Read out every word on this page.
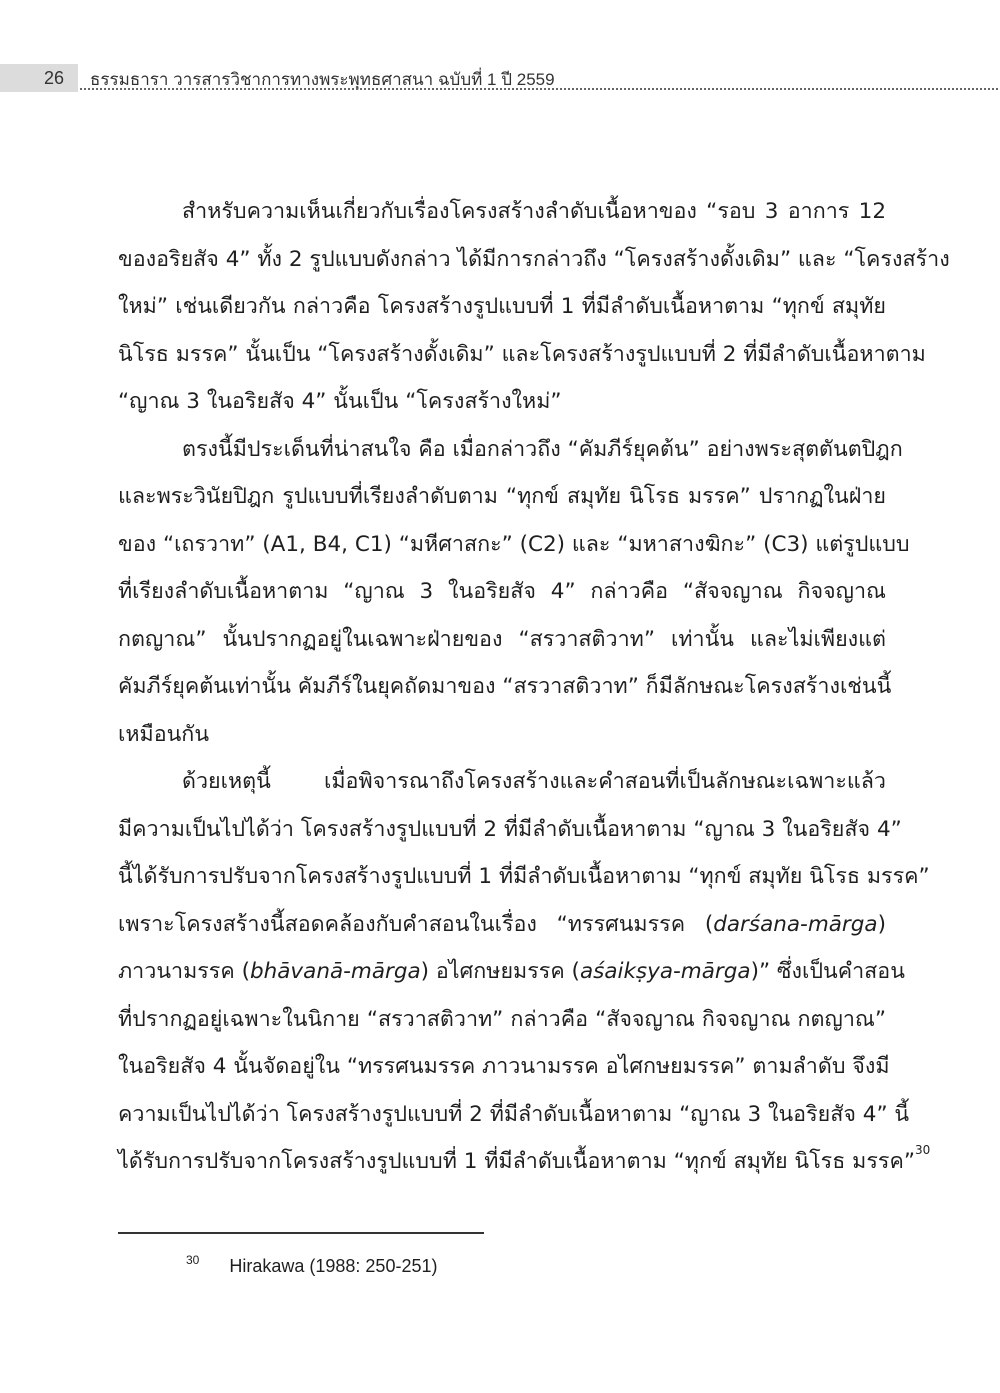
26 ธรรมธารา วารสารวิชาการทางพระพุทธศาสนา ฉบับที่ 1 ปี 2559
สำหรับความเห็นเกี่ยวกับเรื่องโครงสร้างลำดับเนื้อหาของ “รอบ 3 อาการ 12
ของอริยสัจ 4” ทั้ง 2 รูปแบบดังกล่าว ได้มีการกล่าวถึง “โครงสร้างดั้งเดิม” และ “โครงสร้าง
ใหม่” เช่นเดียวกัน กล่าวคือ โครงสร้างรูปแบบที่ 1 ที่มีลำดับเนื้อหาตาม “ทุกข์ สมุทัย
นิโรธ มรรค” นั้นเป็น “โครงสร้างดั้งเดิม” และโครงสร้างรูปแบบที่ 2 ที่มีลำดับเนื้อหาตาม
“ญาณ 3 ในอริยสัจ 4” นั้นเป็น “โครงสร้างใหม่”
ตรงนี้มีประเด็นที่น่าสนใจ คือ เมื่อกล่าวถึง “คัมภีร์ยุคต้น” อย่างพระสุตตันตปิฎก
และพระวินัยปิฎก รูปแบบที่เรียงลำดับตาม “ทุกข์ สมุทัย นิโรธ มรรค” ปรากฏในฝ่าย
ของ “เถรวาท” (A1, B4, C1) “มหีศาสกะ” (C2) และ “มหาสางฆิกะ” (C3) แต่รูปแบบ
ที่เรียงลำดับเนื้อหาตาม “ญาณ 3 ในอริยสัจ 4” กล่าวคือ “สัจจญาณ กิจจญาณ
กตญาณ” นั้นปรากฏอยู่ในเฉพาะฝ่ายของ “สรวาสติวาท” เท่านั้น และไม่เพียงแต่
คัมภีร์ยุคต้นเท่านั้น คัมภีร์ในยุคถัดมาของ “สรวาสติวาท” ก็มีลักษณะโครงสร้างเช่นนี้
เหมือนกัน
ด้วยเหตุนี้ เมื่อพิจารณาถึงโครงสร้างและคำสอนที่เป็นลักษณะเฉพาะแล้ว
มีความเป็นไปได้ว่า โครงสร้างรูปแบบที่ 2 ที่มีลำดับเนื้อหาตาม “ญาณ 3 ในอริยสัจ 4”
นี้ได้รับการปรับจากโครงสร้างรูปแบบที่ 1 ที่มีลำดับเนื้อหาตาม “ทุกข์ สมุทัย นิโรธ มรรค”
เพราะโครงสร้างนี้สอดคล้องกับคำสอนในเรื่อง “ทรรศนมรรค (darśana-mārga)
ภาวนามรรค (bhāvanā-mārga) อไศกษยมรรค (aśaikṣya-mārga)” ซึ่งเป็นคำสอน
ที่ปรากฏอยู่เฉพาะในนิกาย “สรวาสติวาท” กล่าวคือ “สัจจญาณ กิจจญาณ กตญาณ”
ในอริยสัจ 4 นั้นจัดอยู่ใน “ทรรศนมรรค ภาวนามรรค อไศกษยมรรค” ตามลำดับ จึงมี
ความเป็นไปได้ว่า โครงสร้างรูปแบบที่ 2 ที่มีลำดับเนื้อหาตาม “ญาณ 3 ในอริยสัจ 4” นี้
ได้รับการปรับจากโครงสร้างรูปแบบที่ 1 ที่มีลำดับเนื้อหาตาม “ทุกข์ สมุทัย นิโรธ มรรค”$^{30}$
$^{30}$ Hirakawa (1988: 250-251)
